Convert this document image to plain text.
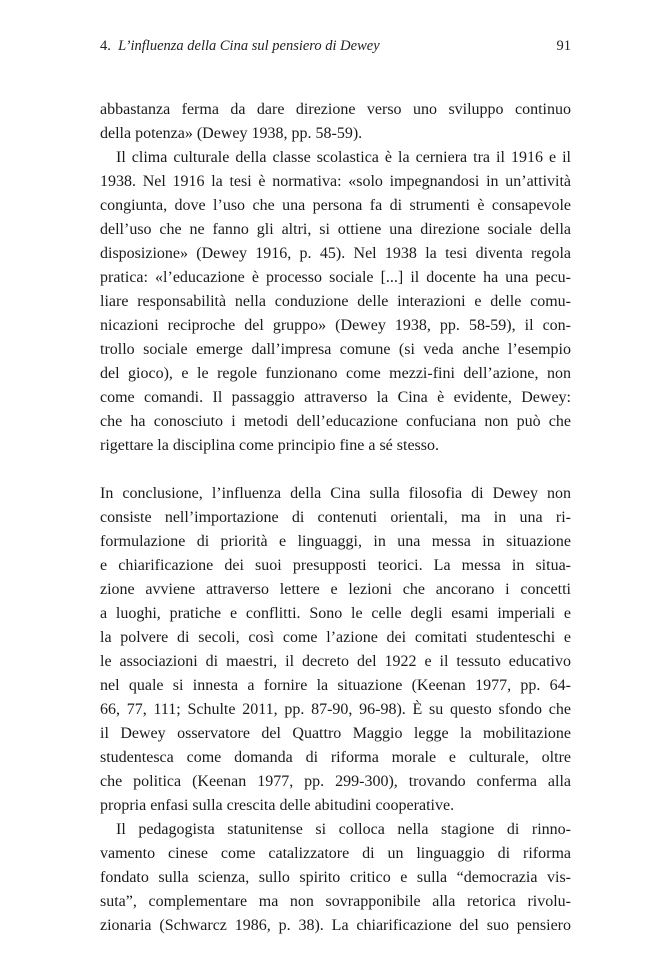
4. L’influenza della Cina sul pensiero di Dewey	91
abbastanza ferma da dare direzione verso uno sviluppo continuo
della potenza» (Dewey 1938, pp. 58-59).
Il clima culturale della classe scolastica è la cerniera tra il 1916 e il
1938. Nel 1916 la tesi è normativa: «solo impegnandosi in un’attività
congiunta, dove l’uso che una persona fa di strumenti è consapevole
dell’uso che ne fanno gli altri, si ottiene una direzione sociale della
disposizione» (Dewey 1916, p. 45). Nel 1938 la tesi diventa regola
pratica: «l’educazione è processo sociale [...] il docente ha una pecu-
liare responsabilità nella conduzione delle interazioni e delle comu-
nicazioni reciproche del gruppo» (Dewey 1938, pp. 58-59), il con-
trollo sociale emerge dall’impresa comune (si veda anche l’esempio
del gioco), e le regole funzionano come mezzi-fini dell’azione, non
come comandi. Il passaggio attraverso la Cina è evidente, Dewey:
che ha conosciuto i metodi dell’educazione confuciana non può che
rigettare la disciplina come principio fine a sé stesso.
In conclusione, l’influenza della Cina sulla filosofia di Dewey non
consiste nell’importazione di contenuti orientali, ma in una ri-
formulazione di priorità e linguaggi, in una messa in situazione
e chiarificazione dei suoi presupposti teorici. La messa in situa-
zione avviene attraverso lettere e lezioni che ancorano i concetti
a luoghi, pratiche e conflitti. Sono le celle degli esami imperiali e
la polvere di secoli, così come l’azione dei comitati studenteschi e
le associazioni di maestri, il decreto del 1922 e il tessuto educativo
nel quale si innesta a fornire la situazione (Keenan 1977, pp. 64-
66, 77, 111; Schulte 2011, pp. 87-90, 96-98). È su questo sfondo che
il Dewey osservatore del Quattro Maggio legge la mobilitazione
studentesca come domanda di riforma morale e culturale, oltre
che politica (Keenan 1977, pp. 299-300), trovando conferma alla
propria enfasi sulla crescita delle abitudini cooperative.
Il pedagogista statunitense si colloca nella stagione di rinno-
vamento cinese come catalizzatore di un linguaggio di riforma
fondato sulla scienza, sullo spirito critico e sulla “democrazia vis-
suta”, complementare ma non sovrapponibile alla retorica rivolu-
zionaria (Schwarcz 1986, p. 38). La chiarificazione del suo pensiero
